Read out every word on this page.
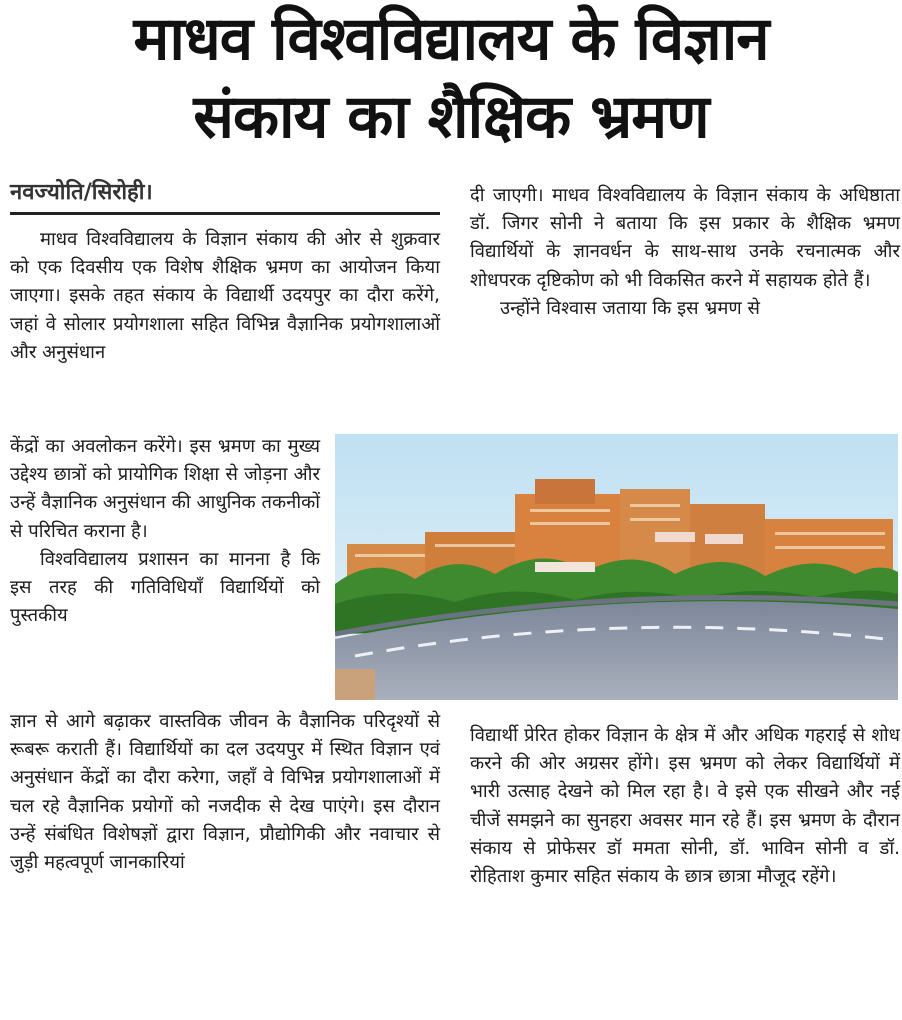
माधव विश्वविद्यालय के विज्ञान
संकाय का शैक्षिक भ्रमण
नवज्योति/सिरोही।

माधव विश्वविद्यालय के विज्ञान संकाय की ओर से शुक्रवार को एक दिवसीय एक विशेष शैक्षिक भ्रमण का आयोजन किया जाएगा। इसके तहत संकाय के विद्यार्थी उदयपुर का दौरा करेंगे, जहां वे सोलार प्रयोगशाला सहित विभिन्न वैज्ञानिक प्रयोगशालाओं और अनुसंधान

केंद्रों का अवलोकन करेंगे। इस भ्रमण का मुख्य उद्देश्य छात्रों को प्रायोगिक शिक्षा से जोड़ना और उन्हें वैज्ञानिक अनुसंधान की आधुनिक तकनीकों से परिचित कराना है।

विश्वविद्यालय प्रशासन का मानना है कि इस तरह की गतिविधियाँ विद्यार्थियों को पुस्तकीय

ज्ञान से आगे बढ़ाकर वास्तविक जीवन के वैज्ञानिक परिदृश्यों से रूबरू कराती हैं। विद्यार्थियों का दल उदयपुर में स्थित विज्ञान एवं अनुसंधान केंद्रों का दौरा करेगा, जहाँ वे विभिन्न प्रयोगशालाओं में चल रहे वैज्ञानिक प्रयोगों को नजदीक से देख पाएंगे। इस दौरान उन्हें संबंधित विशेषज्ञों द्वारा विज्ञान, प्रौद्योगिकी और नवाचार से जुड़ी महत्वपूर्ण जानकारियां

दी जाएगी। माधव विश्वविद्यालय के विज्ञान संकाय के अधिष्ठाता डॉ. जिगर सोनी ने बताया कि इस प्रकार के शैक्षिक भ्रमण विद्यार्थियों के ज्ञानवर्धन के साथ-साथ उनके रचनात्मक और शोधपरक दृष्टिकोण को भी विकसित करने में सहायक होते हैं।

उन्होंने विश्वास जताया कि इस भ्रमण से

विद्यार्थी प्रेरित होकर विज्ञान के क्षेत्र में और अधिक गहराई से शोध करने की ओर अग्रसर होंगे। इस भ्रमण को लेकर विद्यार्थियों में भारी उत्साह देखने को मिल रहा है। वे इसे एक सीखने और नई चीजें समझने का सुनहरा अवसर मान रहे हैं। इस भ्रमण के दौरान संकाय से प्रोफेसर डॉ ममता सोनी, डॉ. भाविन सोनी व डॉ. रोहिताश कुमार सहित संकाय के छात्र छात्रा मौजूद रहेंगे।
